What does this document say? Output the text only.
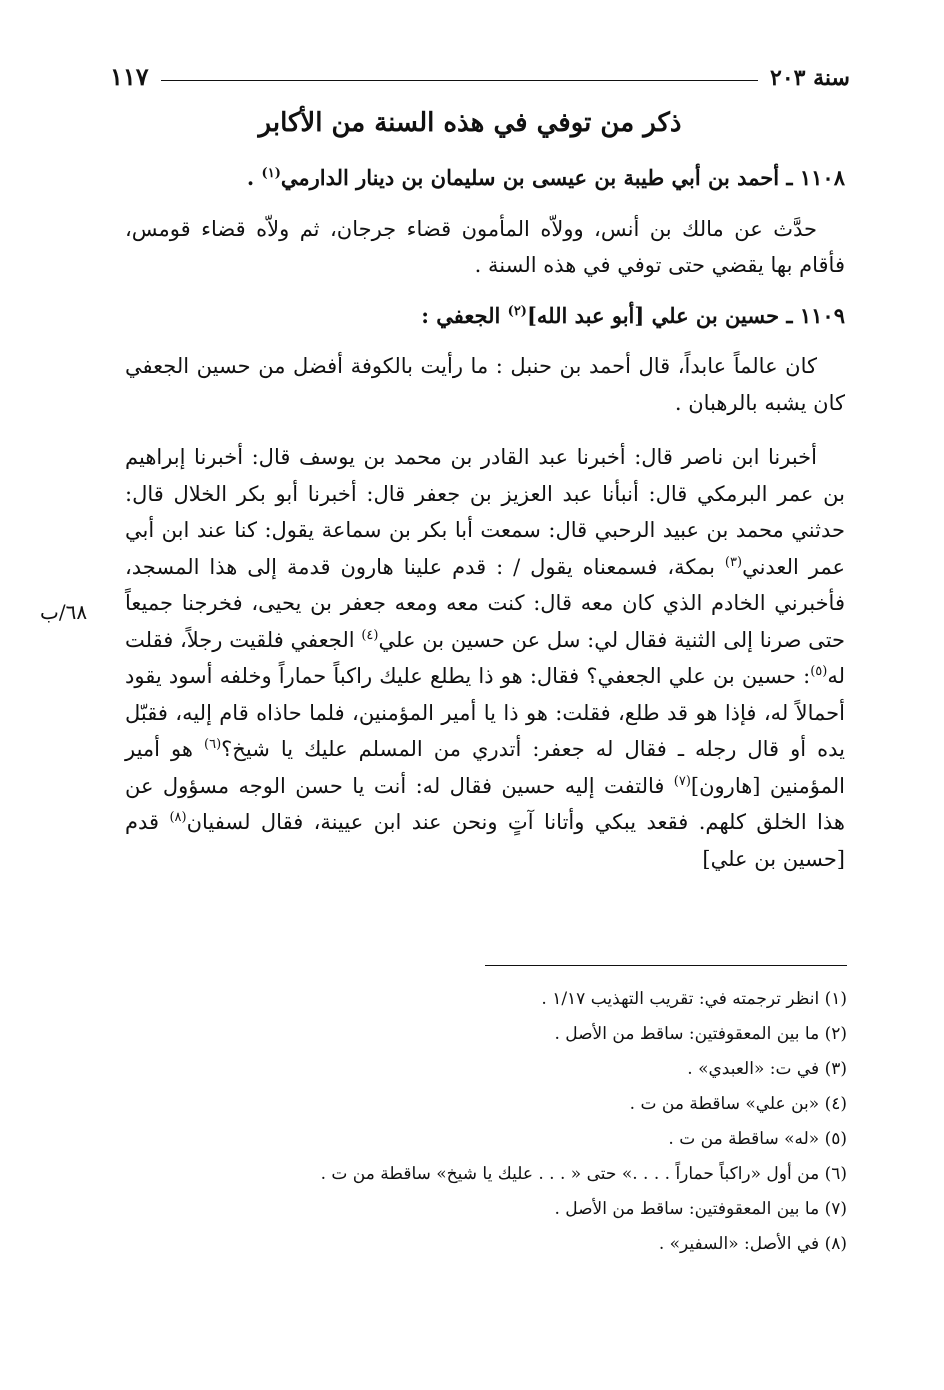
١١٧	سنة ٢٠٣
ذكر من توفي في هذه السنة من الأكابر

١١٠٨ ـ أحمد بن أبي طيبة بن عيسى بن سليمان بن دينار الدارمي$^{(١)}$ .

حدَّث عن مالك بن أنس، وولاّه المأمون قضاء جرجان، ثم ولاّه قضاء قومس، فأقام بها يقضي حتى توفي في هذه السنة .

١١٠٩ ـ حسين بن علي [أبو عبد الله]$^{(٢)}$ الجعفي :

كان عالماً عابداً، قال أحمد بن حنبل : ما رأيت بالكوفة أفضل من حسين الجعفي كان يشبه بالرهبان .

أخبرنا ابن ناصر قال: أخبرنا عبد القادر بن محمد بن يوسف قال: أخبرنا إبراهيم بن عمر البرمكي قال: أنبأنا عبد العزيز بن جعفر قال: أخبرنا أبو بكر الخلال قال: حدثني محمد بن عبيد الرحبي قال: سمعت أبا بكر بن سماعة يقول: كنا عند ابن أبي عمر العدني$^{(٣)}$ بمكة، فسمعناه يقول / : قدم علينا هارون قدمة إلى هذا المسجد، فأخبرني الخادم الذي كان معه قال: كنت معه ومعه جعفر بن يحيى، فخرجنا جميعاً حتى صرنا إلى الثنية فقال لي: سل عن حسين بن علي$^{(٤)}$ الجعفي فلقيت رجلاً، فقلت له$^{(٥)}$: حسين بن علي الجعفي؟ فقال: هو ذا يطلع عليك راكباً حماراً وخلفه أسود يقود أحمالاً له، فإذا هو قد طلع، فقلت: هو ذا يا أمير المؤمنين، فلما حاذاه قام إليه، فقبّل يده أو قال رجله ـ فقال له جعفر: أتدري من المسلم عليك يا شيخ؟$^{(٦)}$ هو أمير المؤمنين [هارون]$^{(٧)}$ فالتفت إليه حسين فقال له: أنت يا حسن الوجه مسؤول عن هذا الخلق كلهم. فقعد يبكي وأتانا آتٍ ونحن عند ابن عيينة، فقال لسفيان$^{(٨)}$ قدم [حسين بن علي]

٦٨/ب
(١) انظر ترجمته في: تقريب التهذيب ١/١٧ .
(٢) ما بين المعقوفتين: ساقط من الأصل .
(٣) في ت: «العبدي» .
(٤) «بن علي» ساقطة من ت .
(٥) «له» ساقطة من ت .
(٦) من أول «راكباً حماراً . . . .» حتى « . . . عليك يا شيخ» ساقطة من ت .
(٧) ما بين المعقوفتين: ساقط من الأصل .
(٨) في الأصل: «السفير» .
